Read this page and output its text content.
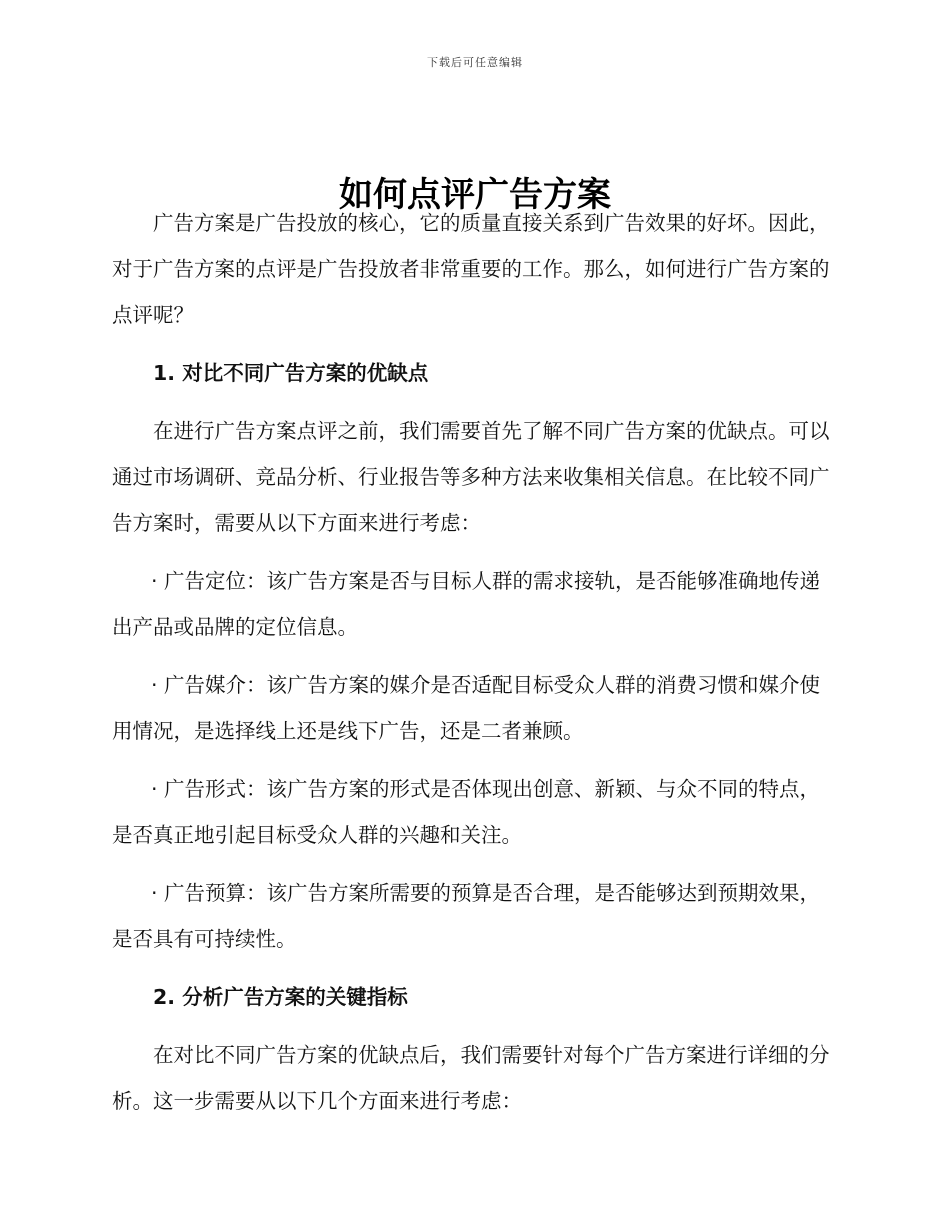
下载后可任意编辑
如何点评广告方案

广告方案是广告投放的核心，它的质量直接关系到广告效果的好坏。因此，对于广告方案的点评是广告投放者非常重要的工作。那么，如何进行广告方案的点评呢？

1. 对比不同广告方案的优缺点

在进行广告方案点评之前，我们需要首先了解不同广告方案的优缺点。可以通过市场调研、竞品分析、行业报告等多种方法来收集相关信息。在比较不同广告方案时，需要从以下方面来进行考虑：

· 广告定位：该广告方案是否与目标人群的需求接轨，是否能够准确地传递出产品或品牌的定位信息。

· 广告媒介：该广告方案的媒介是否适配目标受众人群的消费习惯和媒介使用情况，是选择线上还是线下广告，还是二者兼顾。

· 广告形式：该广告方案的形式是否体现出创意、新颖、与众不同的特点，是否真正地引起目标受众人群的兴趣和关注。

· 广告预算：该广告方案所需要的预算是否合理，是否能够达到预期效果，是否具有可持续性。

2. 分析广告方案的关键指标

在对比不同广告方案的优缺点后，我们需要针对每个广告方案进行详细的分析。这一步需要从以下几个方面来进行考虑：
